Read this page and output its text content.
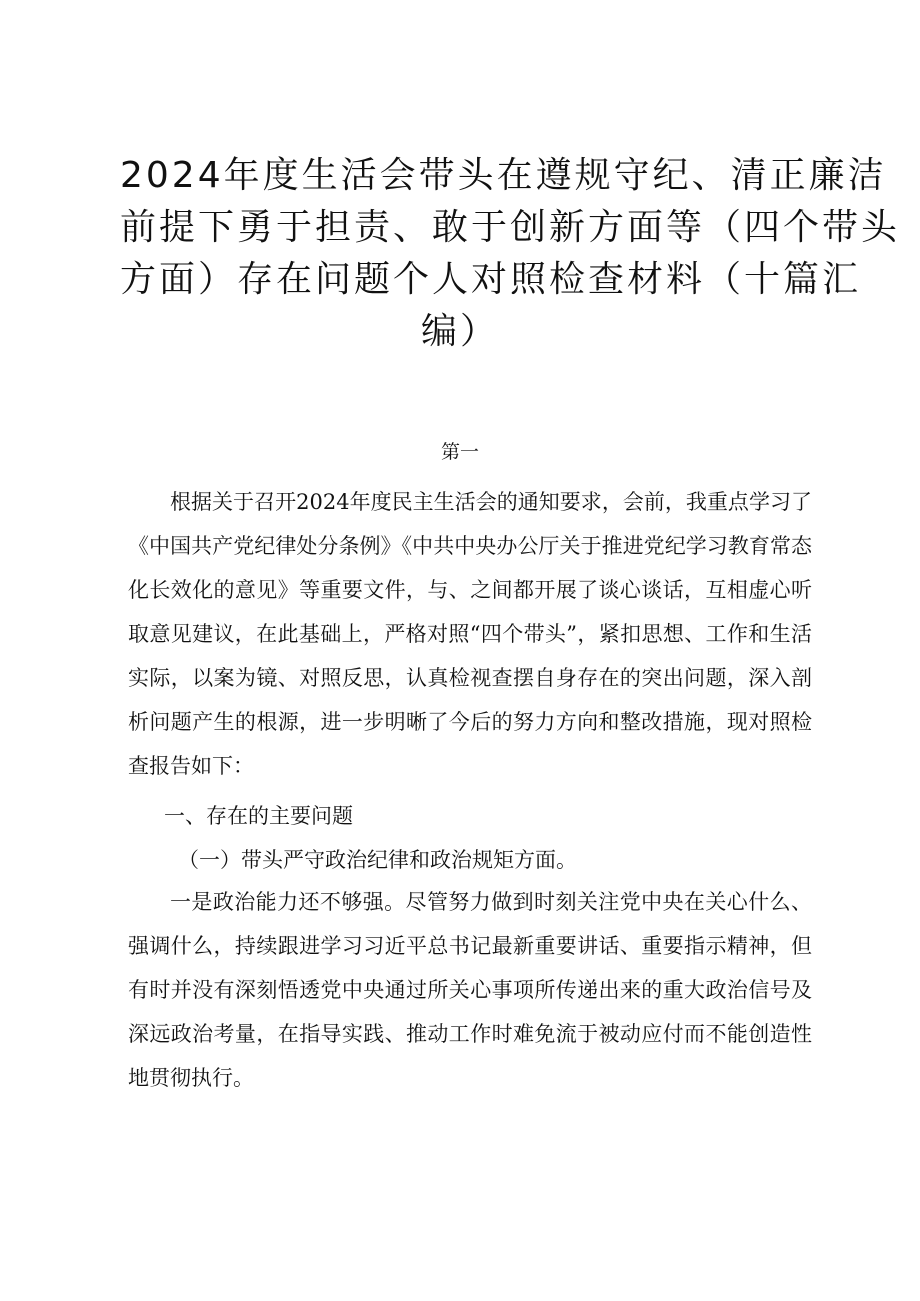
2024年度生活会带头在遵规守纪、清正廉洁
前提下勇于担责、敢于创新方面等（四个带头
方面）存在问题个人对照检查材料（十篇汇
编）
第一

根据关于召开2024年度民主生活会的通知要求，会前，我重点学习了《中国共产党纪律处分条例》《中共中央办公厅关于推进党纪学习教育常态化长效化的意见》等重要文件，与、之间都开展了谈心谈话，互相虚心听取意见建议，在此基础上，严格对照“四个带头”，紧扣思想、工作和生活实际，以案为镜、对照反思，认真检视查摆自身存在的突出问题，深入剖析问题产生的根源，进一步明晰了今后的努力方向和整改措施，现对照检查报告如下：

一、存在的主要问题

（一）带头严守政治纪律和政治规矩方面。

一是政治能力还不够强。尽管努力做到时刻关注党中央在关心什么、强调什么，持续跟进学习习近平总书记最新重要讲话、重要指示精神，但有时并没有深刻悟透党中央通过所关心事项所传递出来的重大政治信号及深远政治考量，在指导实践、推动工作时难免流于被动应付而不能创造性地贯彻执行。
